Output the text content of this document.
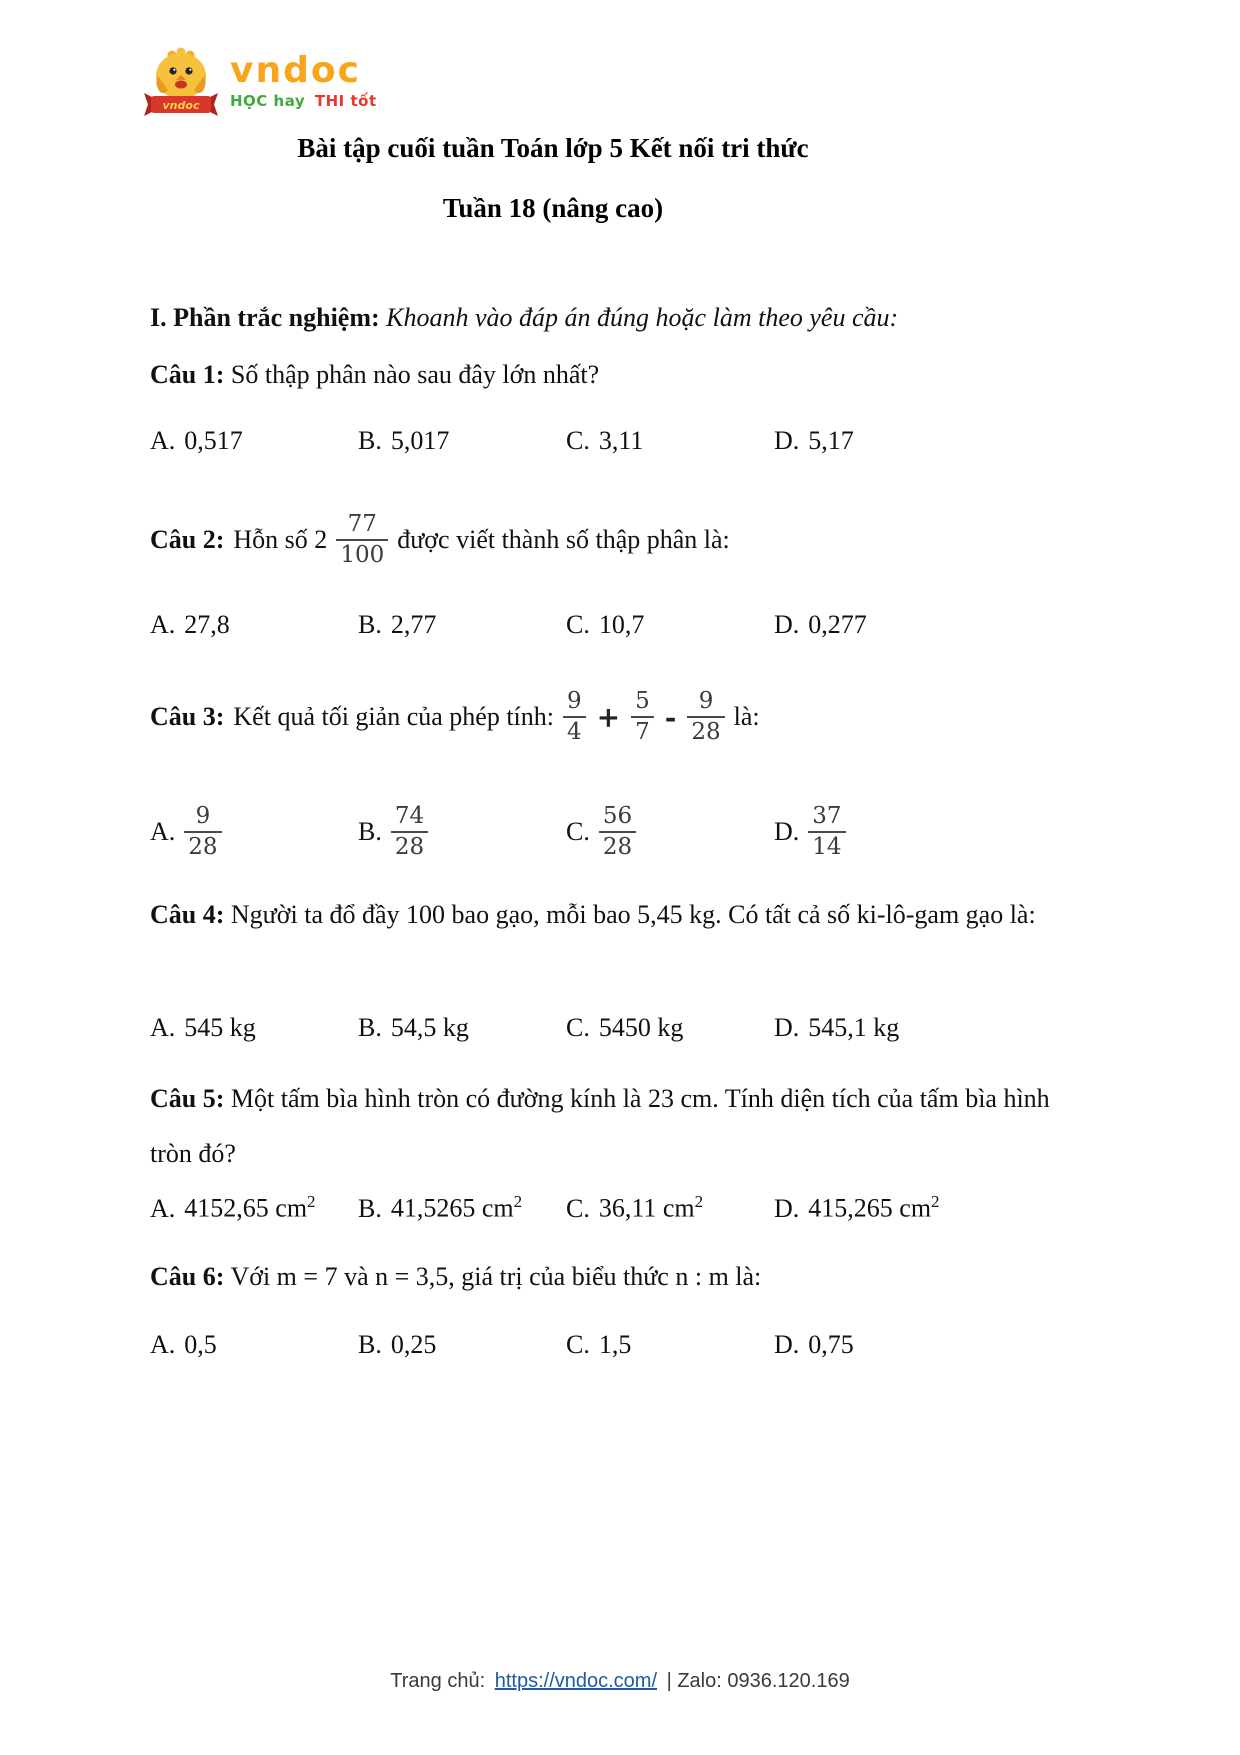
vndoc
vndoc
HỌC hay THI tốt
Bài tập cuối tuần Toán lớp 5 Kết nối tri thức
Tuần 18 (nâng cao)
I. Phần trắc nghiệm: Khoanh vào đáp án đúng hoặc làm theo yêu cầu:
Câu 1: Số thập phân nào sau đây lớn nhất?
A. 0,517	B. 5,017	C. 3,11	D. 5,17
Câu 2: Hỗn số $2 \frac{77}{100}$ được viết thành số thập phân là:
A. 27,8	B. 2,77	C. 10,7	D. 0,277
Câu 3: Kết quả tối giản của phép tính: $\frac{9}{4} + \frac{5}{7} - \frac{9}{28}$ là:
A. $\frac{9}{28}$	B. $\frac{74}{28}$	C. $\frac{56}{28}$	D. $\frac{37}{14}$
Câu 4: Người ta đổ đầy 100 bao gạo, mỗi bao 5,45 kg. Có tất cả số ki-lô-gam gạo là:
A. 545 kg	B. 54,5 kg	C. 5450 kg	D. 545,1 kg
Câu 5: Một tấm bìa hình tròn có đường kính là 23 cm. Tính diện tích của tấm bìa hình tròn đó?
A. 4152,65 $cm^2$	B. 41,5265 $cm^2$	C. 36,11 $cm^2$	D. 415,265 $cm^2$
Câu 6: Với m = 7 và n = 3,5, giá trị của biểu thức n : m là:
A. 0,5	B. 0,25	C. 1,5	D. 0,75
Trang chủ: https://vndoc.com/ | Zalo: 0936.120.169
